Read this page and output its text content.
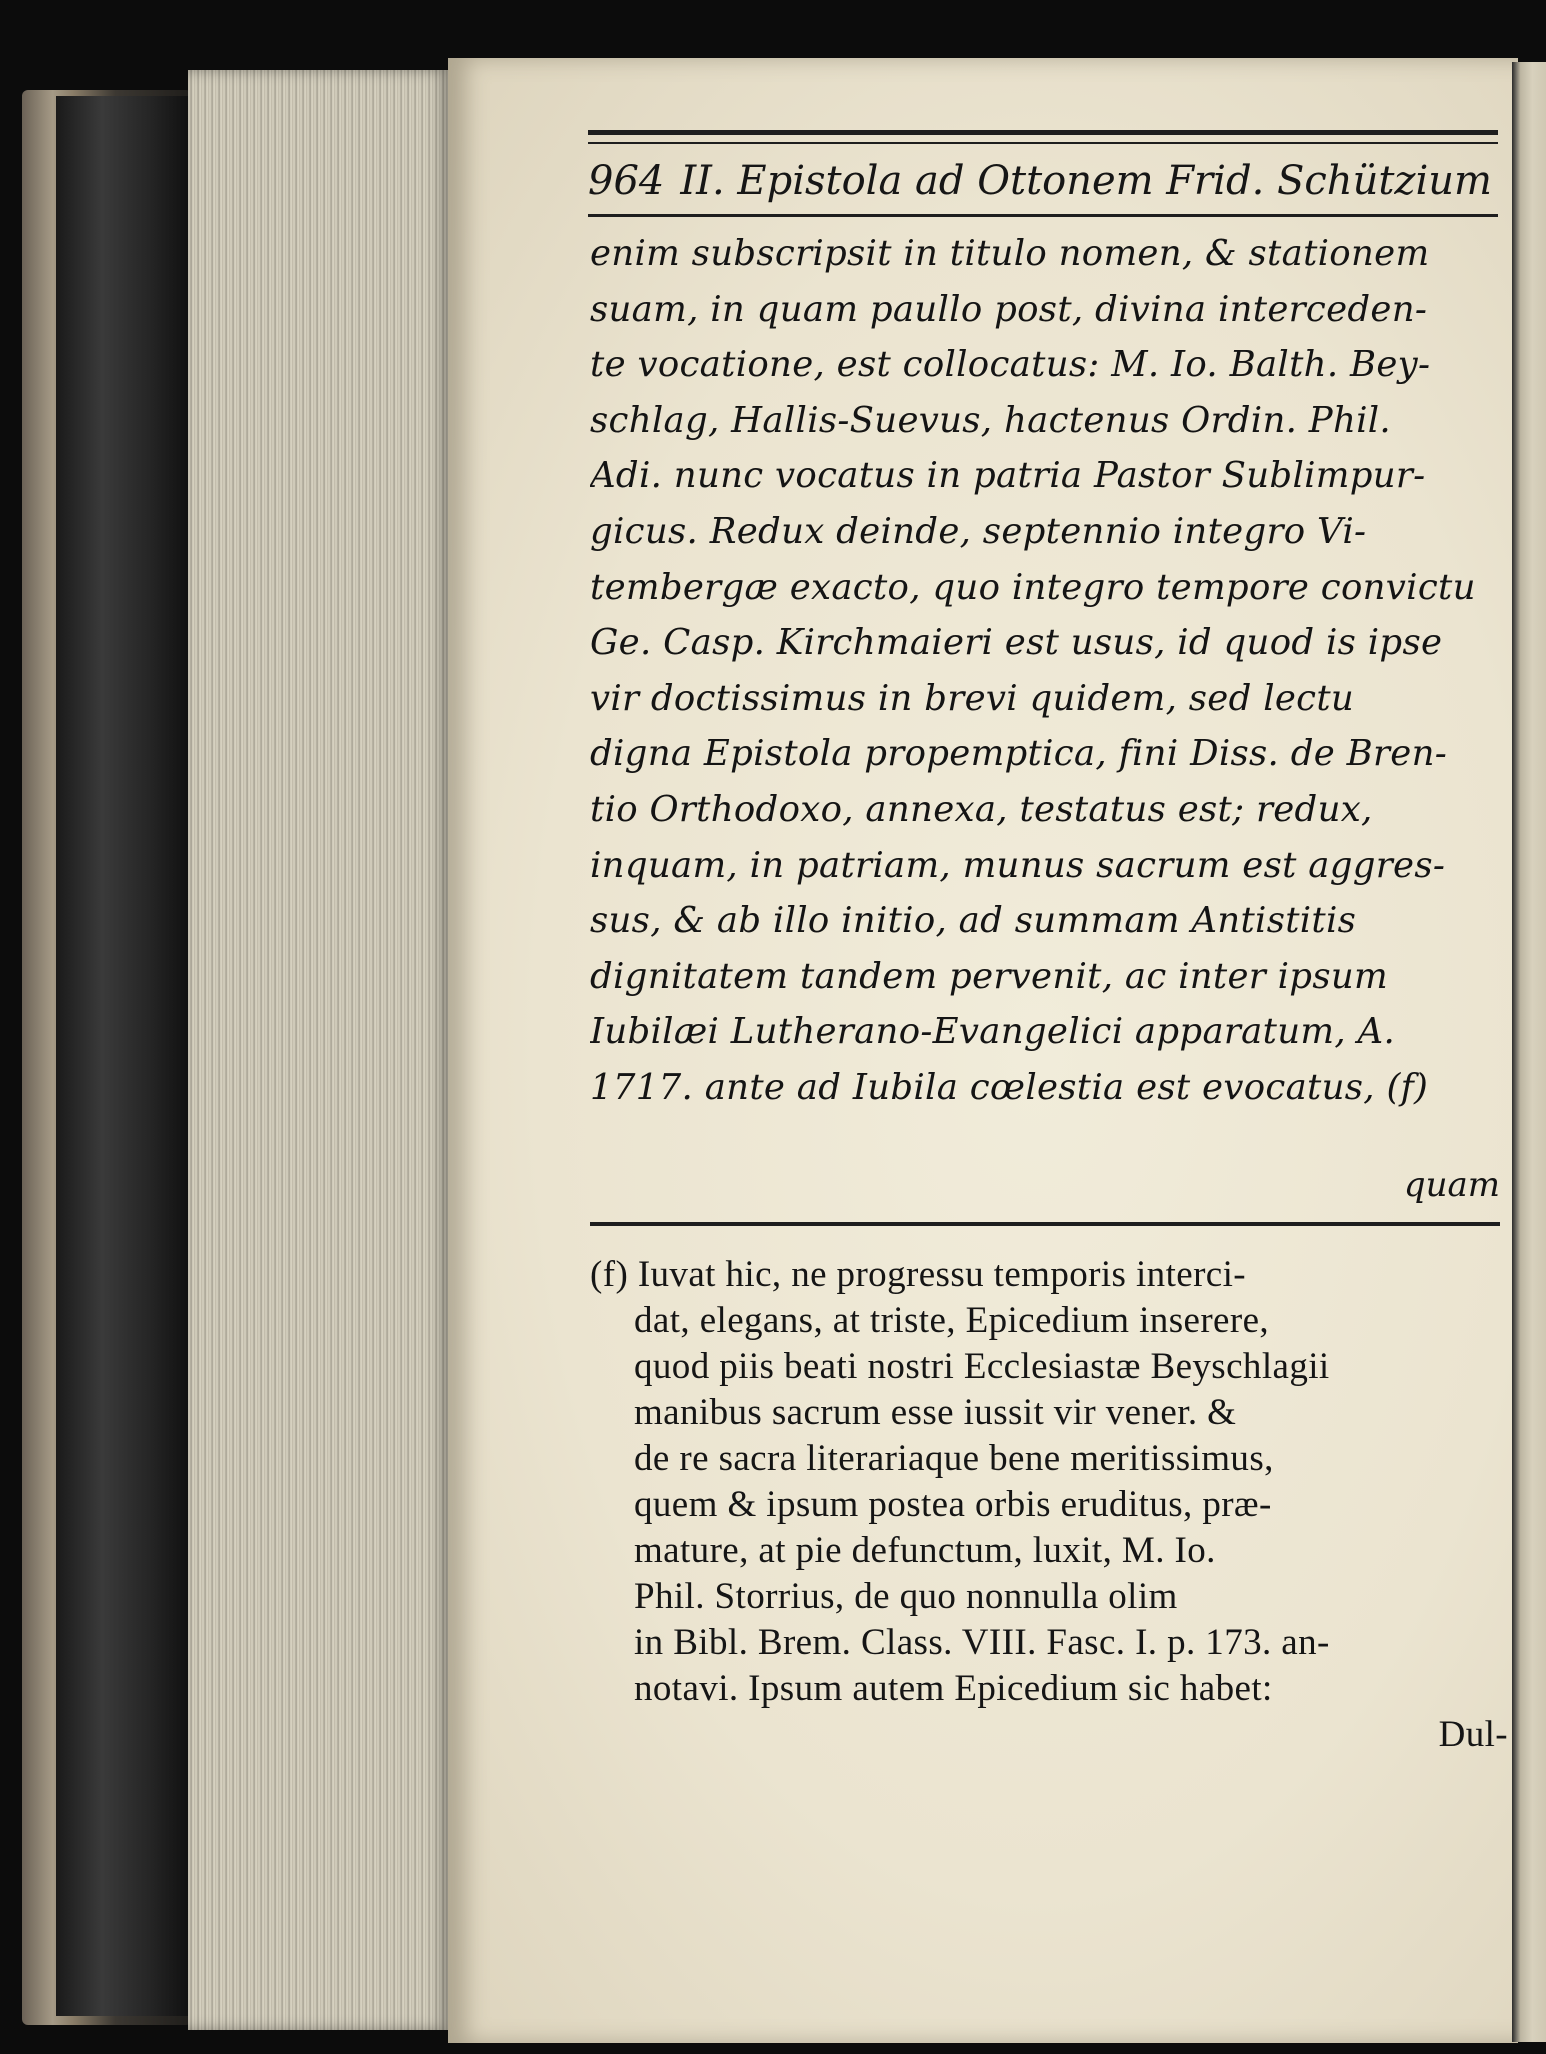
964 II. Epistola ad Ottonem Frid. Schützium
enim subscripsit in titulo nomen, & stationem
suam, in quam paullo post, divina interceden-
te vocatione, est collocatus: M. Io. Balth. Bey-
schlag, Hallis-Suevus, hactenus Ordin. Phil.
Adi. nunc vocatus in patria Pastor Sublimpur-
gicus. Redux deinde, septennio integro Vi-
tembergæ exacto, quo integro tempore convictu
Ge. Casp. Kirchmaieri est usus, id quod is ipse
vir doctissimus in brevi quidem, sed lectu
digna Epistola propemptica, fini Diss. de Bren-
tio Orthodoxo, annexa, testatus est; redux,
inquam, in patriam, munus sacrum est aggres-
sus, & ab illo initio, ad summam Antistitis
dignitatem tandem pervenit, ac inter ipsum
Iubilæi Lutherano-Evangelici apparatum, A.
1717. ante ad Iubila cœlestia est evocatus, (f)
quam
(f) Iuvat hic, ne progressu temporis interci-
dat, elegans, at triste, Epicedium inserere,
quod piis beati nostri Ecclesiastæ Beyschlagii
manibus sacrum esse iussit vir vener. &
de re sacra literariaque bene meritissimus,
quem & ipsum postea orbis eruditus, præ-
mature, at pie defunctum, luxit, M. Io.
Phil. Storrius, de quo nonnulla olim
in Bibl. Brem. Class. VIII. Fasc. I. p. 173. an-
notavi. Ipsum autem Epicedium sic habet:
Dul-
